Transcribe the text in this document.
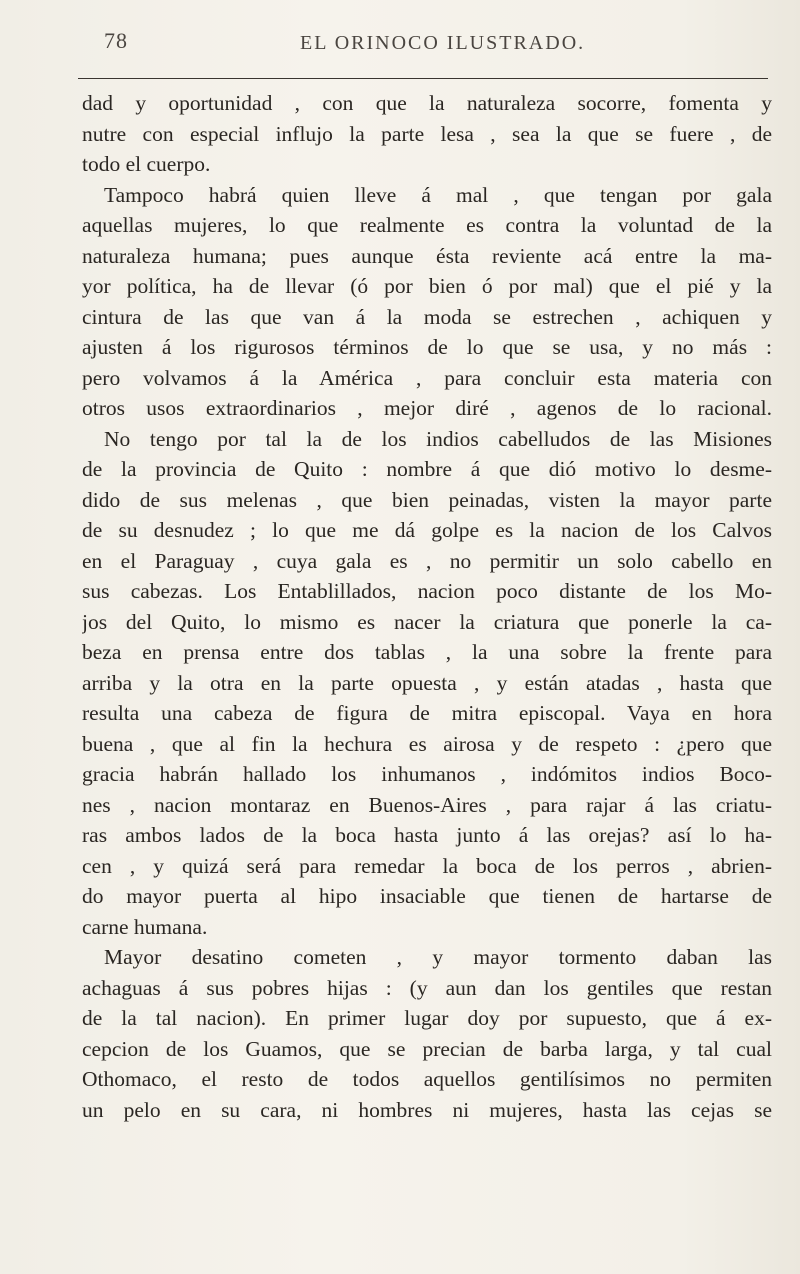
78	EL ORINOCO ILUSTRADO.
dad y oportunidad , con que la naturaleza socorre, fomenta y
nutre con especial influjo la parte lesa , sea la que se fuere , de
todo el cuerpo.
Tampoco habrá quien lleve á mal , que tengan por gala
aquellas mujeres, lo que realmente es contra la voluntad de la
naturaleza humana; pues aunque ésta reviente acá entre la ma-
yor política, ha de llevar (ó por bien ó por mal) que el pié y la
cintura de las que van á la moda se estrechen , achiquen y
ajusten á los rigurosos términos de lo que se usa, y no más :
pero volvamos á la América , para concluir esta materia con
otros usos extraordinarios , mejor diré , agenos de lo racional.
No tengo por tal la de los indios cabelludos de las Misiones
de la provincia de Quito : nombre á que dió motivo lo desme-
dido de sus melenas , que bien peinadas, visten la mayor parte
de su desnudez ; lo que me dá golpe es la nacion de los Calvos
en el Paraguay , cuya gala es , no permitir un solo cabello en
sus cabezas. Los Entablillados, nacion poco distante de los Mo-
jos del Quito, lo mismo es nacer la criatura que ponerle la ca-
beza en prensa entre dos tablas , la una sobre la frente para
arriba y la otra en la parte opuesta , y están atadas , hasta que
resulta una cabeza de figura de mitra episcopal. Vaya en hora
buena , que al fin la hechura es airosa y de respeto : ¿pero que
gracia habrán hallado los inhumanos , indómitos indios Boco-
nes , nacion montaraz en Buenos-Aires , para rajar á las criatu-
ras ambos lados de la boca hasta junto á las orejas? así lo ha-
cen , y quizá será para remedar la boca de los perros , abrien-
do mayor puerta al hipo insaciable que tienen de hartarse de
carne humana.
Mayor desatino cometen , y mayor tormento daban las
achaguas á sus pobres hijas : (y aun dan los gentiles que restan
de la tal nacion). En primer lugar doy por supuesto, que á ex-
cepcion de los Guamos, que se precian de barba larga, y tal cual
Othomaco, el resto de todos aquellos gentilísimos no permiten
un pelo en su cara, ni hombres ni mujeres, hasta las cejas se
